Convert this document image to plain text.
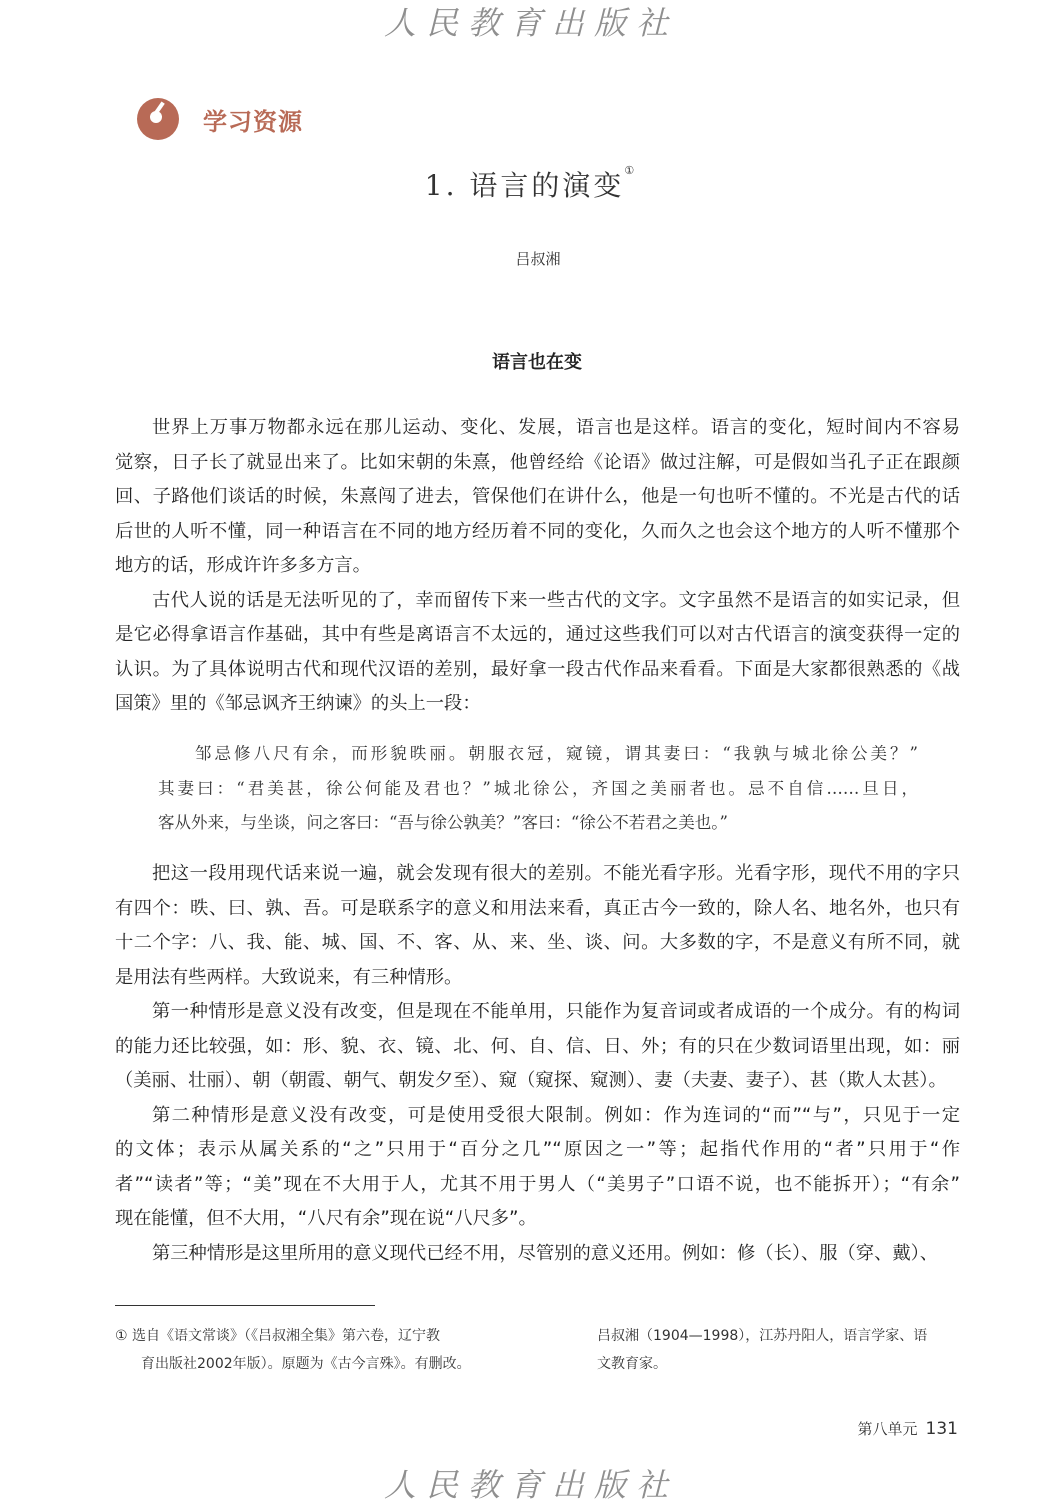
人民教育出版社
学习资源
1. 语言的演变①
吕叔湘
语言也在变
世界上万事万物都永远在那儿运动、变化、发展，语言也是这样。语言的变化，短时间内不容易
觉察，日子长了就显出来了。比如宋朝的朱熹，他曾经给《论语》做过注解，可是假如当孔子正在跟颜
回、子路他们谈话的时候，朱熹闯了进去，管保他们在讲什么，他是一句也听不懂的。不光是古代的话
后世的人听不懂，同一种语言在不同的地方经历着不同的变化，久而久之也会这个地方的人听不懂那个
地方的话，形成许许多多方言。
古代人说的话是无法听见的了，幸而留传下来一些古代的文字。文字虽然不是语言的如实记录，但
是它必得拿语言作基础，其中有些是离语言不太远的，通过这些我们可以对古代语言的演变获得一定的
认识。为了具体说明古代和现代汉语的差别，最好拿一段古代作品来看看。下面是大家都很熟悉的《战
国策》里的《邹忌讽齐王纳谏》的头上一段：
邹忌修八尺有余，而形貌昳丽。朝服衣冠，窥镜，谓其妻曰：“我孰与城北徐公美？”
其妻曰：“君美甚，徐公何能及君也？”城北徐公，齐国之美丽者也。忌不自信……旦日，
客从外来，与坐谈，问之客曰：“吾与徐公孰美？”客曰：“徐公不若君之美也。”
把这一段用现代话来说一遍，就会发现有很大的差别。不能光看字形。光看字形，现代不用的字只
有四个：昳、曰、孰、吾。可是联系字的意义和用法来看，真正古今一致的，除人名、地名外，也只有
十二个字：八、我、能、城、国、不、客、从、来、坐、谈、问。大多数的字，不是意义有所不同，就
是用法有些两样。大致说来，有三种情形。
第一种情形是意义没有改变，但是现在不能单用，只能作为复音词或者成语的一个成分。有的构词
的能力还比较强，如：形、貌、衣、镜、北、何、自、信、日、外；有的只在少数词语里出现，如：丽
（美丽、壮丽）、朝（朝霞、朝气、朝发夕至）、窥（窥探、窥测）、妻（夫妻、妻子）、甚（欺人太甚）。
第二种情形是意义没有改变，可是使用受很大限制。例如：作为连词的“而”“与”，只见于一定
的文体；表示从属关系的“之”只用于“百分之几”“原因之一”等；起指代作用的“者”只用于“作
者”“读者”等；“美”现在不大用于人，尤其不用于男人（“美男子”口语不说，也不能拆开）；“有余”
现在能懂，但不大用，“八尺有余”现在说“八尺多”。
第三种情形是这里所用的意义现代已经不用，尽管别的意义还用。例如：修（长）、服（穿、戴）、
① 选自《语文常谈》（《吕叔湘全集》第六卷，辽宁教
育出版社2002年版）。原题为《古今言殊》。有删改。
吕叔湘（1904—1998），江苏丹阳人，语言学家、语
文教育家。
第八单元 131
人民教育出版社
